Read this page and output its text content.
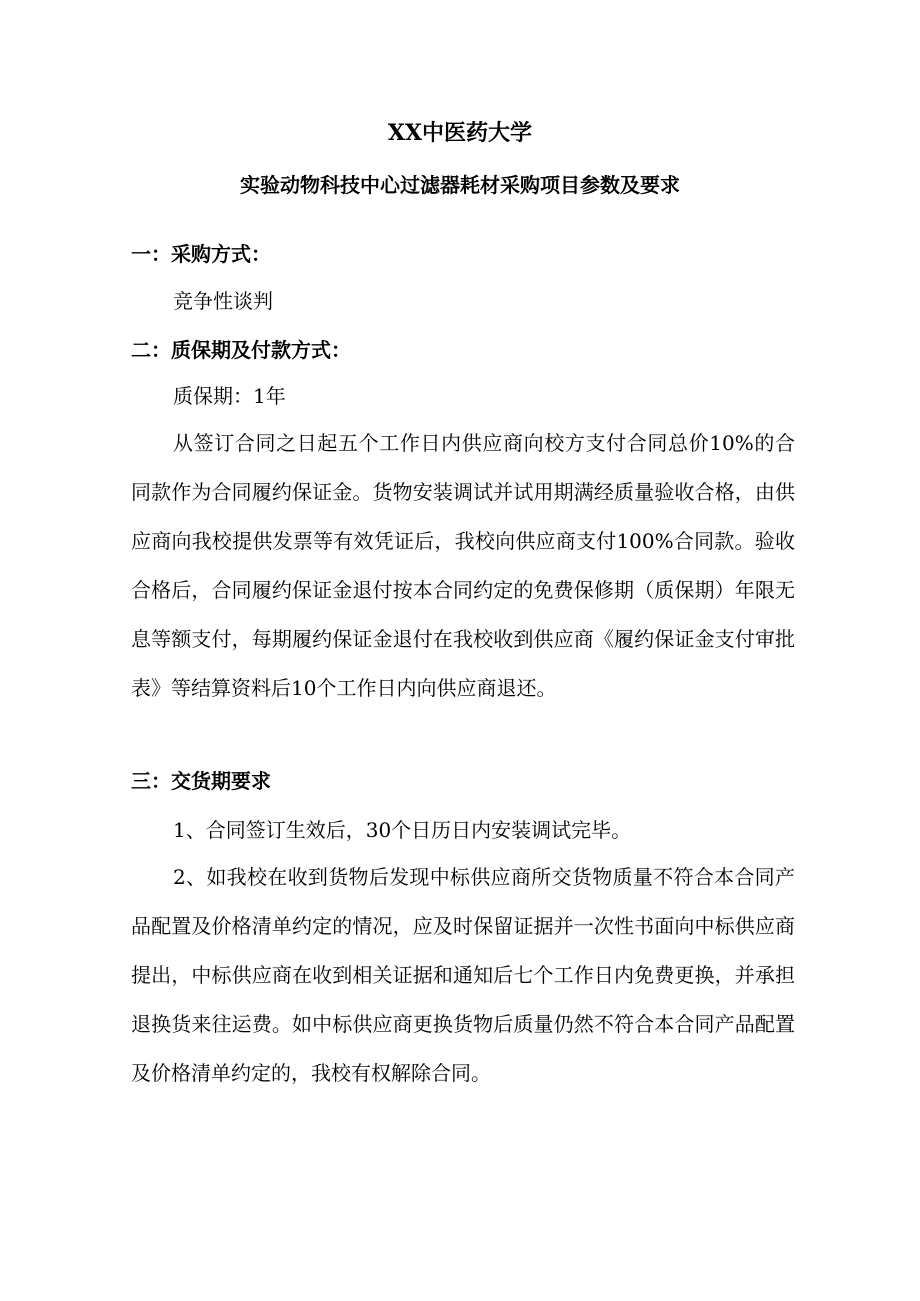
XX中医药大学
实验动物科技中心过滤器耗材采购项目参数及要求
一：采购方式：
竞争性谈判
二：质保期及付款方式：
质保期：1年
从签订合同之日起五个工作日内供应商向校方支付合同总价10%的合同款作为合同履约保证金。货物安装调试并试用期满经质量验收合格，由供应商向我校提供发票等有效凭证后，我校向供应商支付100%合同款。验收合格后，合同履约保证金退付按本合同约定的免费保修期（质保期）年限无息等额支付，每期履约保证金退付在我校收到供应商《履约保证金支付审批表》等结算资料后10个工作日内向供应商退还。
三：交货期要求
1、合同签订生效后，30个日历日内安装调试完毕。
2、如我校在收到货物后发现中标供应商所交货物质量不符合本合同产品配置及价格清单约定的情况，应及时保留证据并一次性书面向中标供应商提出，中标供应商在收到相关证据和通知后七个工作日内免费更换，并承担退换货来往运费。如中标供应商更换货物后质量仍然不符合本合同产品配置及价格清单约定的，我校有权解除合同。
